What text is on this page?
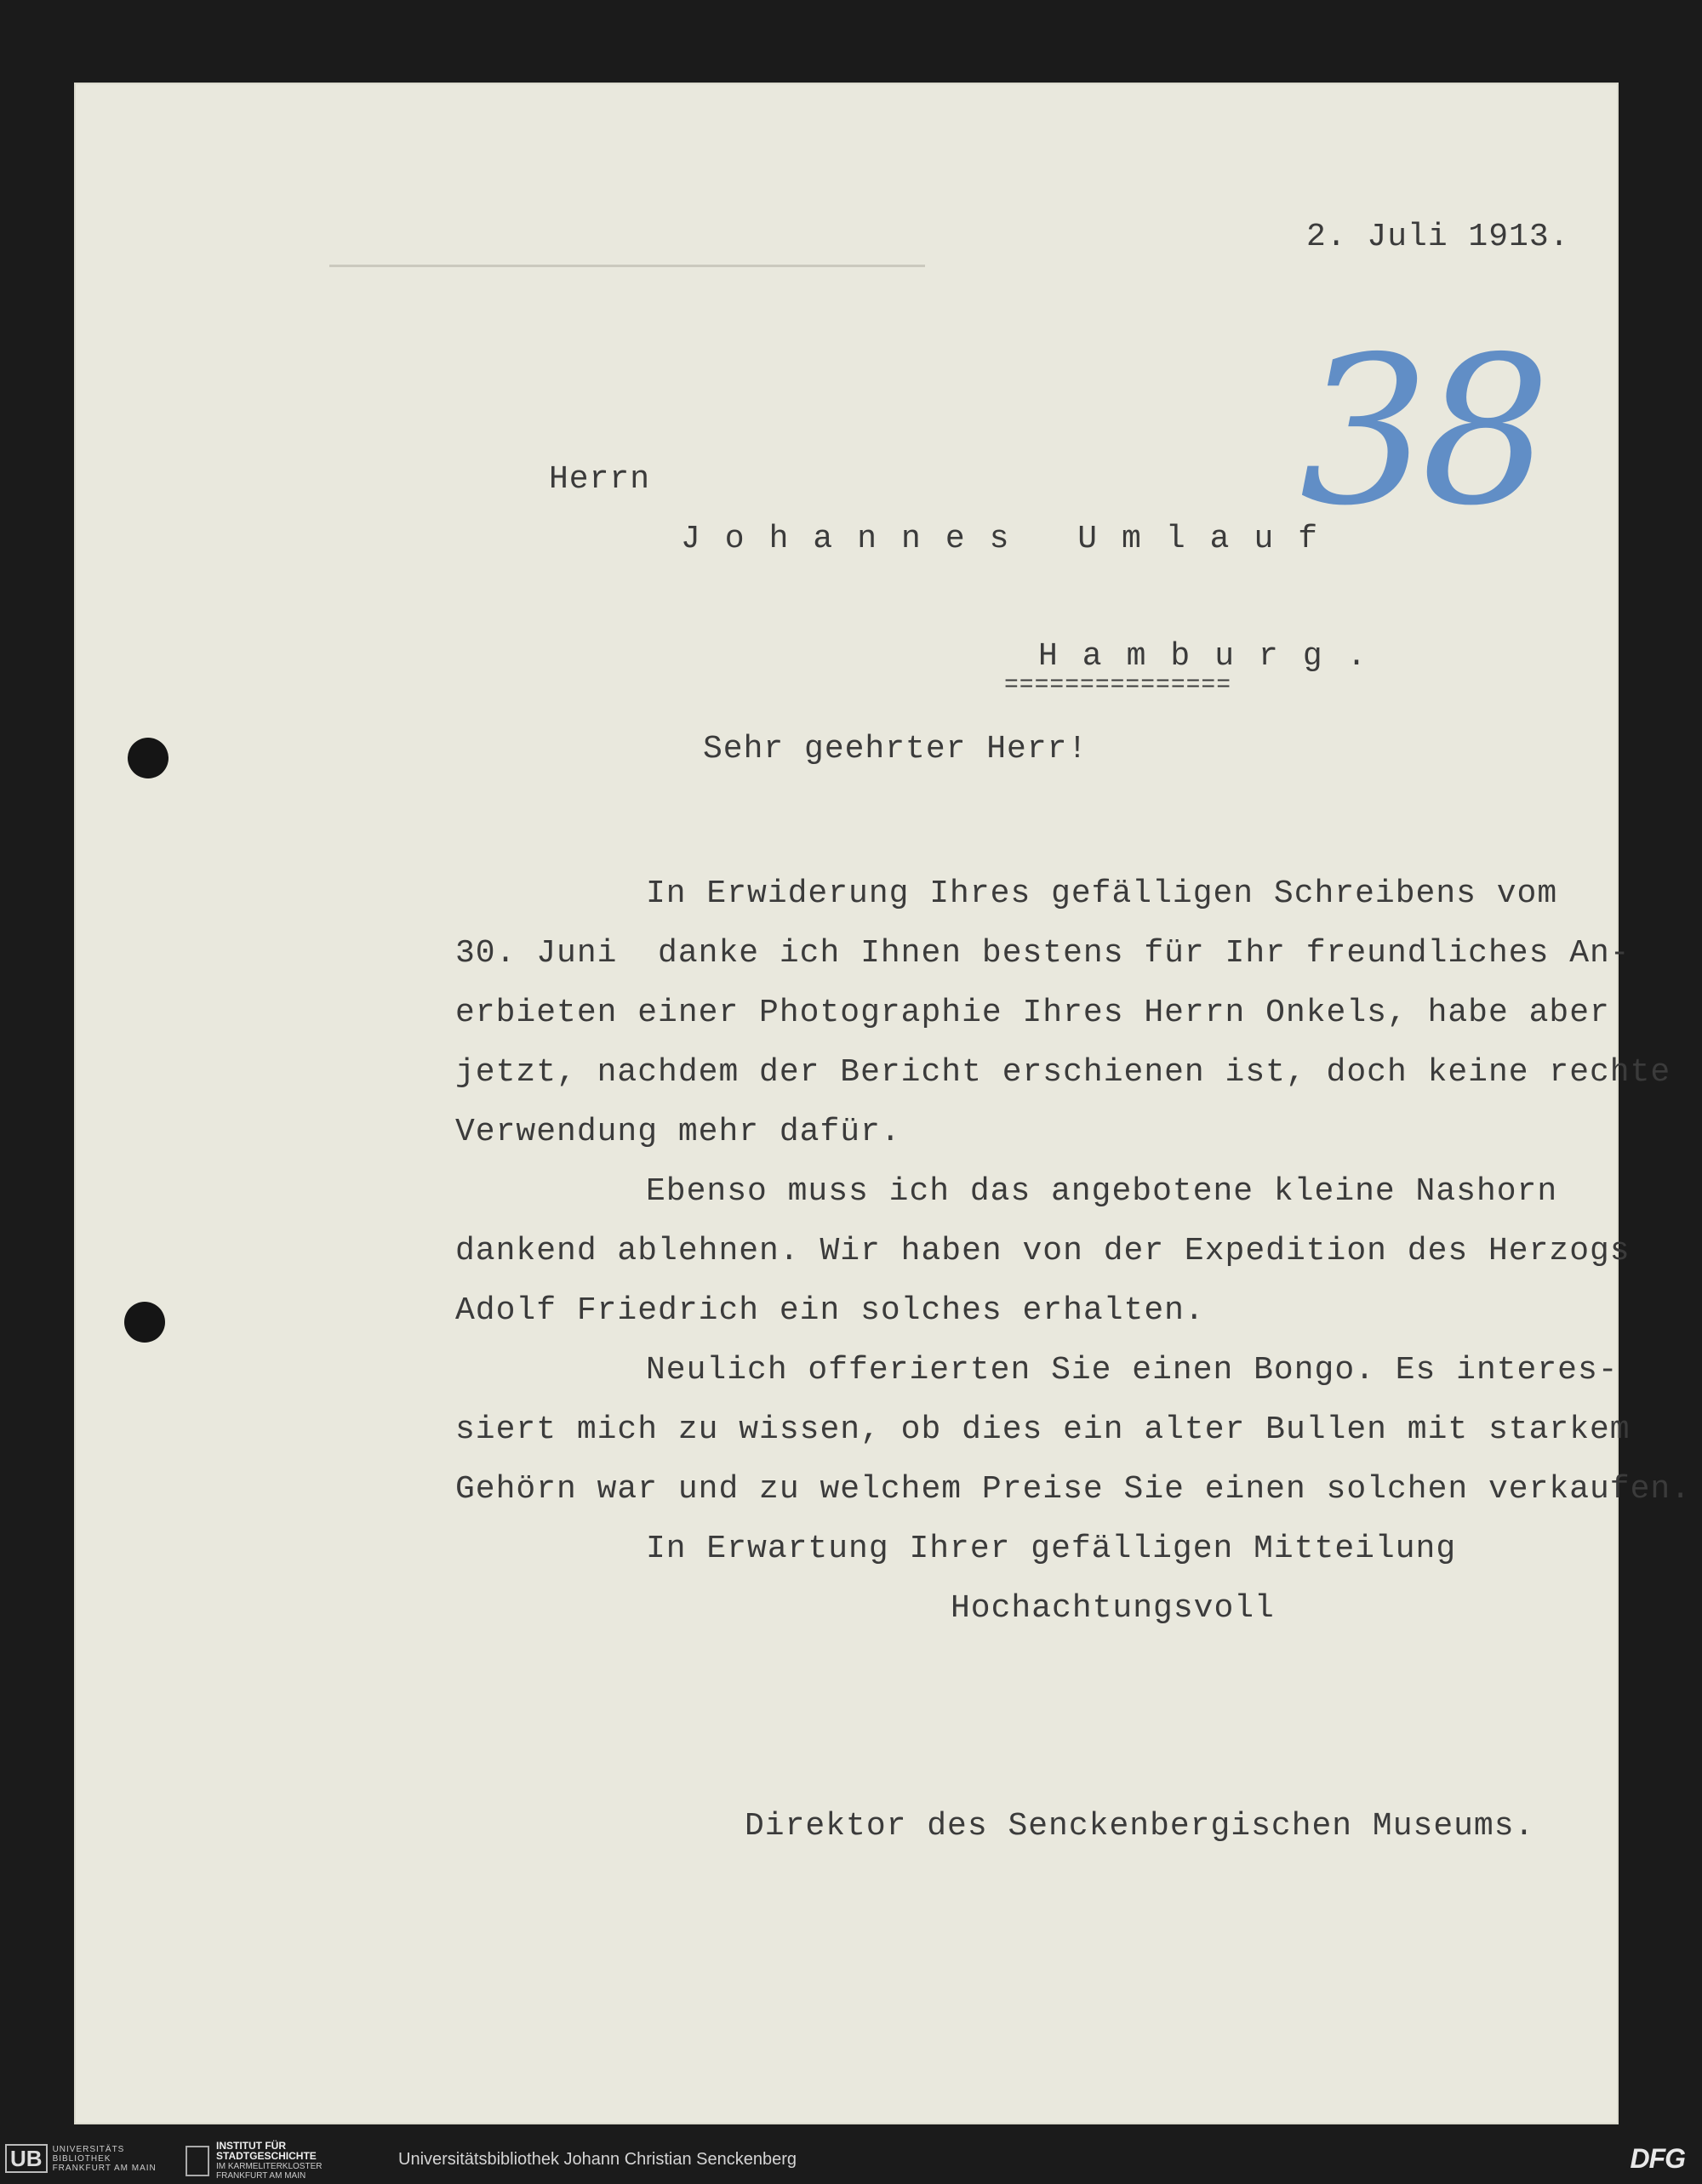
2. Juli 1913.
38
Herrn
Johannes Umlauf
Hamburg.
===============
Sehr geehrter Herr!
In Erwiderung Ihres gefälligen Schreibens vom
30. Juni  danke ich Ihnen bestens für Ihr freundliches An-
erbieten einer Photographie Ihres Herrn Onkels, habe aber
jetzt, nachdem der Bericht erschienen ist, doch keine rechte
Verwendung mehr dafür.
Ebenso muss ich das angebotene kleine Nashorn
dankend ablehnen. Wir haben von der Expedition des Herzogs
Adolf Friedrich ein solches erhalten.
Neulich offerierten Sie einen Bongo. Es interes-
siert mich zu wissen, ob dies ein alter Bullen mit starkem
Gehörn war und zu welchem Preise Sie einen solchen verkaufen.
In Erwartung Ihrer gefälligen Mitteilung
Hochachtungsvoll
Direktor des Senckenbergischen Museums.
UB	UNIVERSITÄTS
BIBLIOTHEK
FRANKFURT AM MAIN
INSTITUT FÜR
STADTGESCHICHTE
IM KARMELITERKLOSTER
FRANKFURT AM MAIN
Universitätsbibliothek Johann Christian Senckenberg	DFG
